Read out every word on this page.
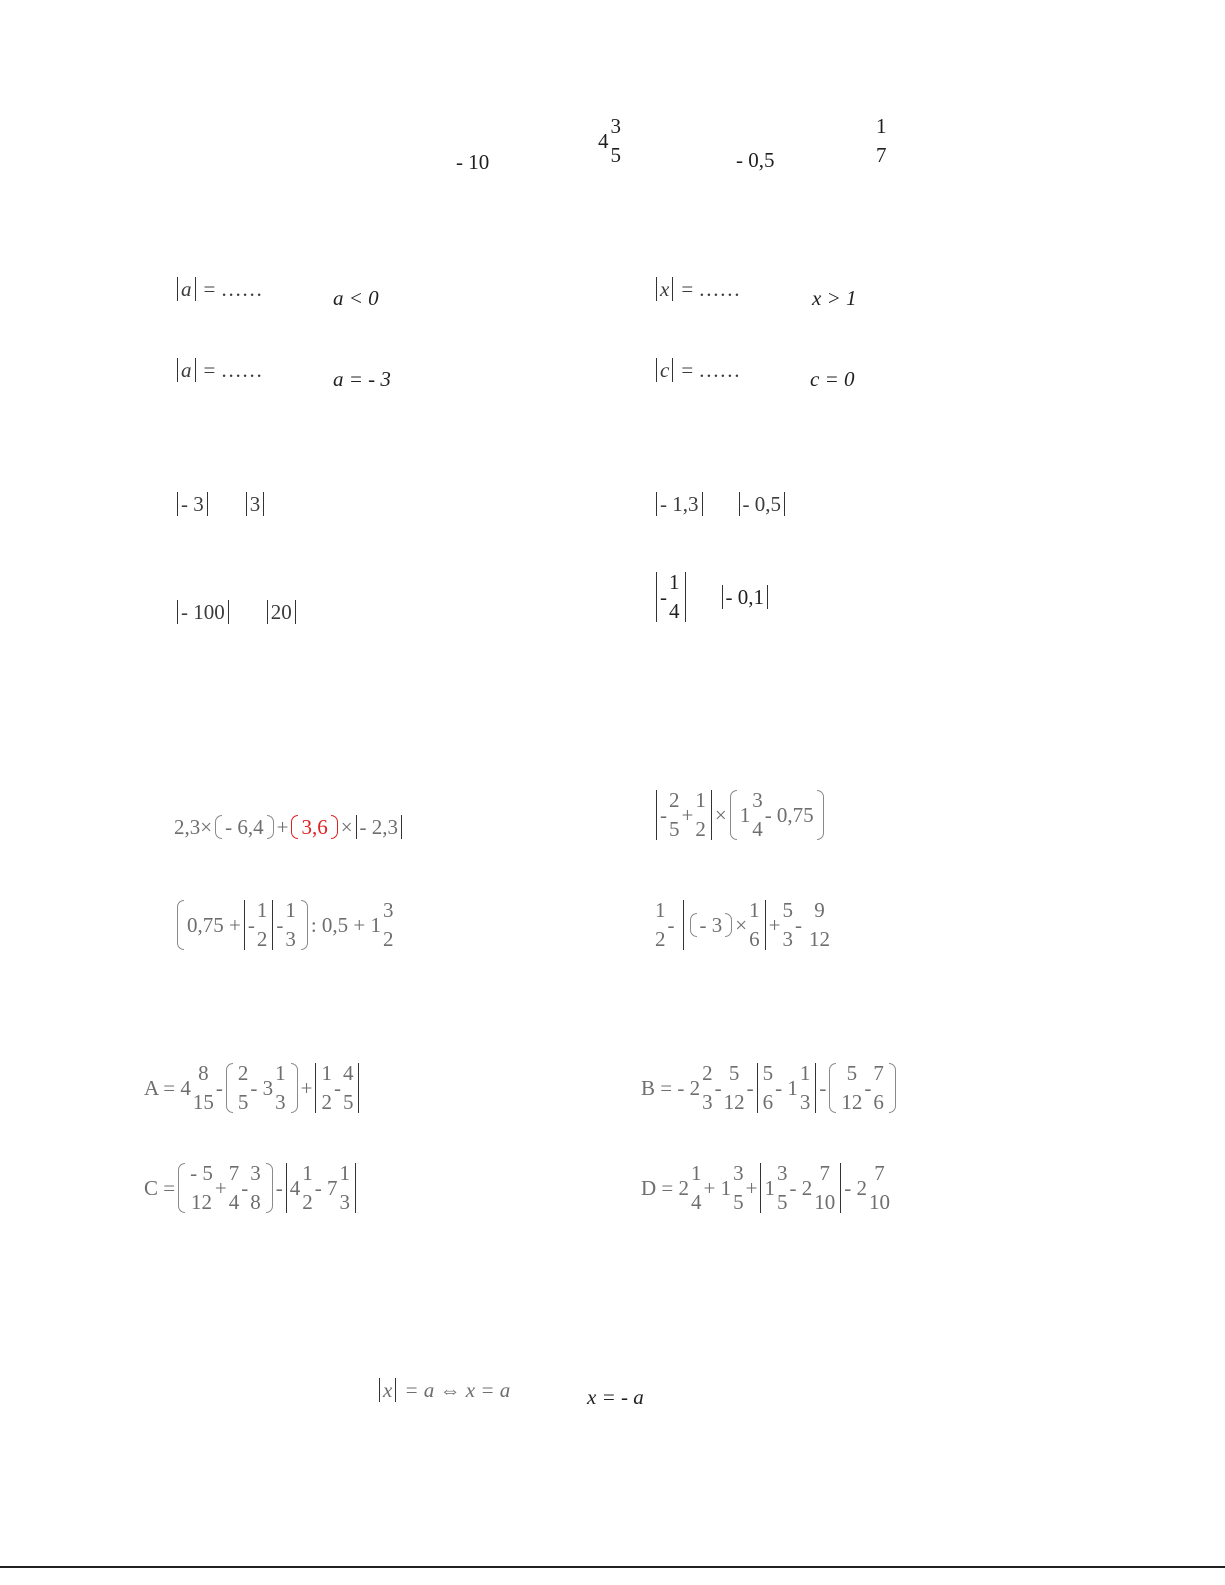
- 10
4
3
5	- 0,5
1
7
a = ……	a < 0	x = ……	x > 1
a = ……	a = - 3	c = ……	c = 0
- 3 3	- 1,3 - 0,5
- 100 20
-
1
4
- 0,1
2,3 × - 6,4 + 3,6 × - 2,3	-
2
5
+
1
2
× 1
3
4
- 0,75
0,75 + -
1
2
-
1
3
: 0,5 + 1
3
2
1
2
- - 3 ×
1
6
+
5
3
-
9
12
A = 4
8
15
-
2
5
- 3
1
3
+
1
2
-
4
5
B = - 2
2
3
-
5
12
-
5
6
- 1
1
3
-
5
12
-
7
6
C =
- 5
12
+
7
4
-
3
8
- 4
1
2
- 7
1
3
D = 2
1
4
+ 1
3
5
+ 1
3
5
- 2
7
10
- 2
7
10
x = a ⇔ x = a	x = - a
